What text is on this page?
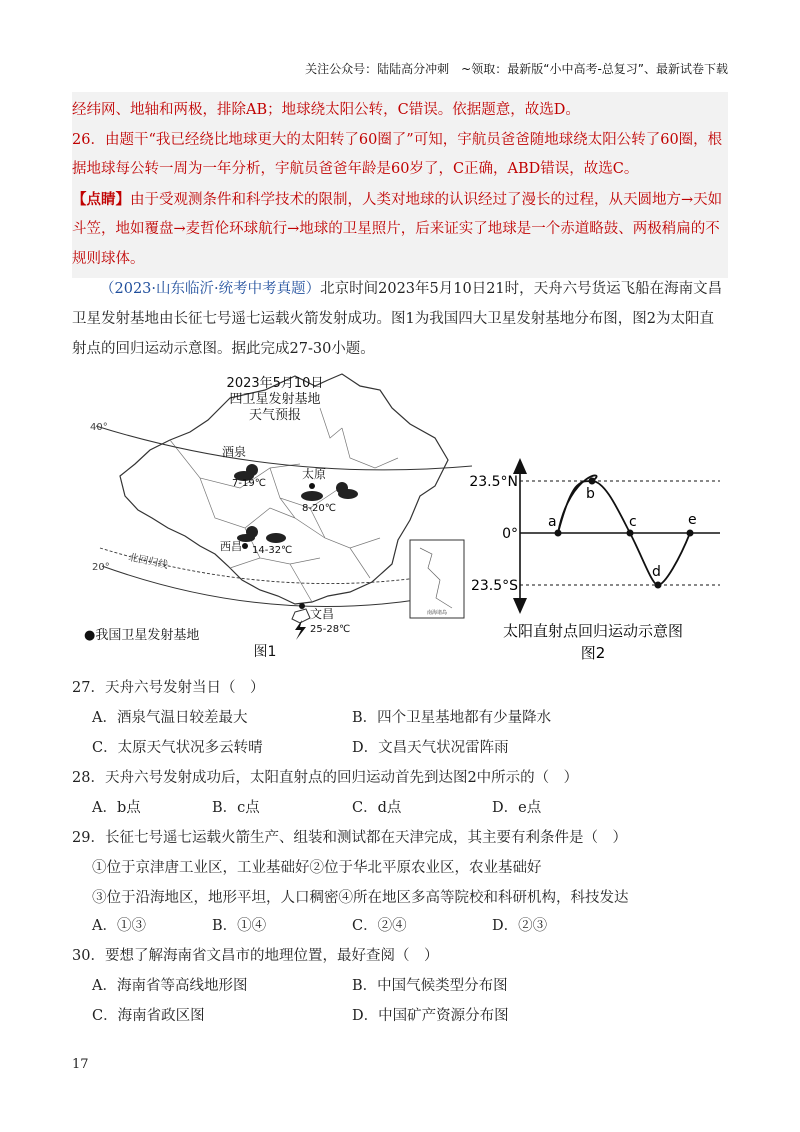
关注公众号：陆陆高分冲刺　~领取：最新版“小中高考-总复习”、最新试卷下载

经纬网、地轴和两极，排除AB；地球绕太阳公转，C错误。依据题意，故选D。

26．由题干“我已经绕比地球更大的太阳转了60圈了”可知，宇航员爸爸随地球绕太阳公转了60圈，根据地球每公转一周为一年分析，宇航员爸爸年龄是60岁了，C正确，ABD错误，故选C。

【点睛】由于受观测条件和科学技术的限制，人类对地球的认识经过了漫长的过程，从天圆地方→天如斗笠，地如覆盘→麦哲伦环球航行→地球的卫星照片，后来证实了地球是一个赤道略鼓、两极稍扁的不规则球体。

（2023·山东临沂·统考中考真题）北京时间2023年5月10日21时，天舟六号货运飞船在海南文昌卫星发射基地由长征七号遥七运载火箭发射成功。图1为我国四大卫星发射基地分布图，图2为太阳直射点的回归运动示意图。据此完成27-30小题。

40°
20° 北回归线
2023年5月10日
四卫星发射基地
天气预报
酒泉
7-19℃
太原
8-20℃
西昌 14-32℃
文昌
25-28℃
南海诸岛
●我国卫星发射基地
图1
23.5°N
0°
23.5°S
a
b
c
d
e
太阳直射点回归运动示意图
图2

27．天舟六号发射当日（　）

A．酒泉气温日较差最大	B．四个卫星基地都有少量降水

C．太原天气状况多云转晴	D．文昌天气状况雷阵雨

28．天舟六号发射成功后，太阳直射点的回归运动首先到达图2中所示的（　）

A．b点	B．c点	C．d点	D．e点

29．长征七号遥七运载火箭生产、组装和测试都在天津完成，其主要有利条件是（　）

①位于京津唐工业区，工业基础好②位于华北平原农业区，农业基础好

③位于沿海地区，地形平坦，人口稠密④所在地区多高等院校和科研机构，科技发达

A．①③	B．①④	C．②④	D．②③

30．要想了解海南省文昌市的地理位置，最好查阅（　）

A．海南省等高线地形图	B．中国气候类型分布图

C．海南省政区图	D．中国矿产资源分布图

17
